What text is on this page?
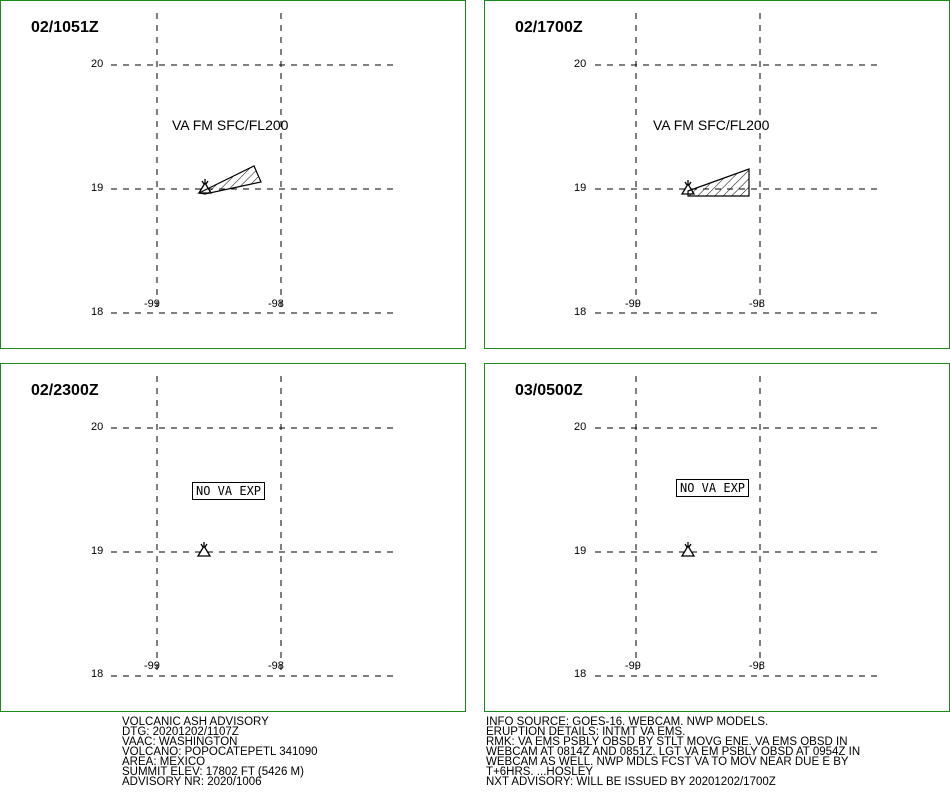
02/1051Z
20
19
18
-99	-98
VA FM SFC/FL200
02/1700Z
20
19
18
-99	-98
VA FM SFC/FL200
02/2300Z
20
19
18
-99	-98
NO VA EXP
03/0500Z
20
19
18
-99	-98
NO VA EXP
VOLCANIC ASH ADVISORY
DTG: 20201202/1107Z
VAAC: WASHINGTON
VOLCANO: POPOCATEPETL 341090
AREA: MEXICO
SUMMIT ELEV: 17802 FT (5426 M)
ADVISORY NR: 2020/1006
INFO SOURCE: GOES-16. WEBCAM. NWP MODELS.
ERUPTION DETAILS: INTMT VA EMS.
RMK: VA EMS PSBLY OBSD BY STLT MOVG ENE. VA EMS OBSD IN
WEBCAM AT 0814Z AND 0851Z. LGT VA EM PSBLY OBSD AT 0954Z IN
WEBCAM AS WELL. NWP MDLS FCST VA TO MOV NEAR DUE E BY
T+6HRS. ...HOSLEY
NXT ADVISORY: WILL BE ISSUED BY 20201202/1700Z
